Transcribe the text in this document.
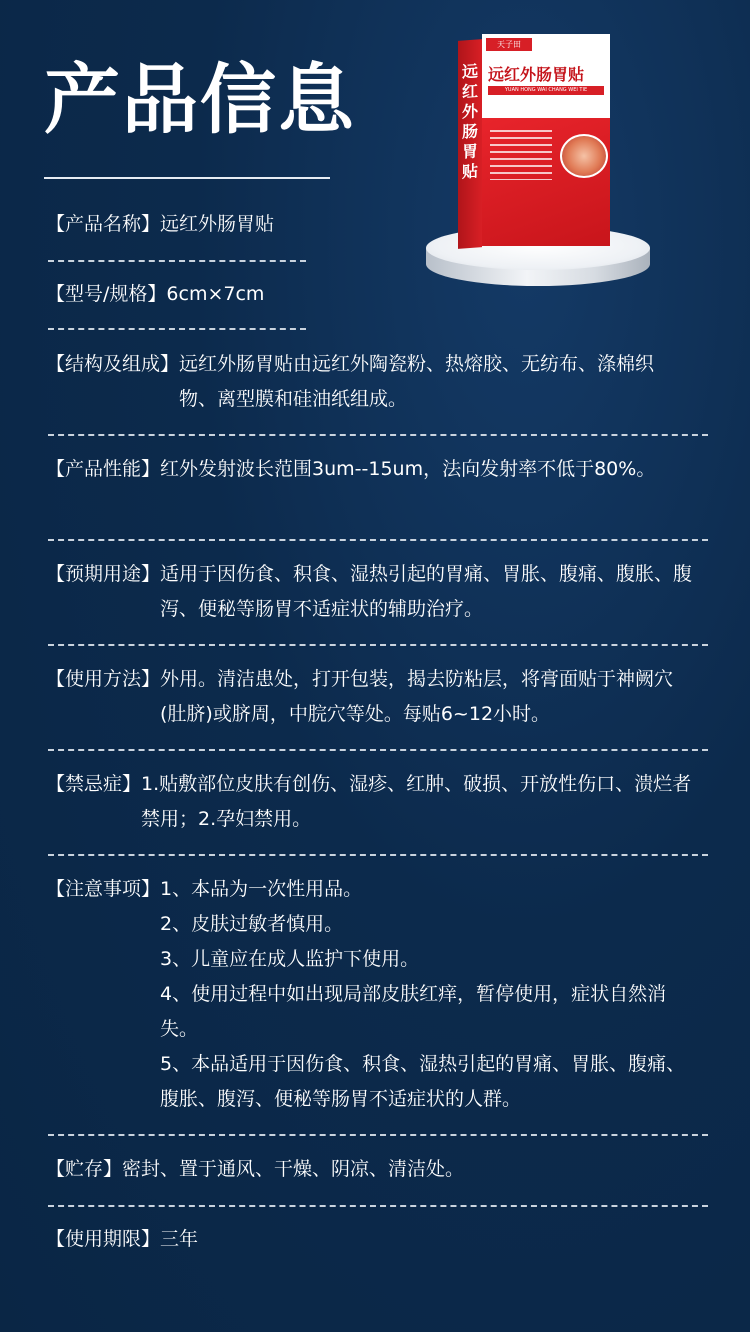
产品信息	远红外肠胃贴
天子田
远红外肠胃贴
YUAN HONG WAI CHANG WEI TIE
【产品名称】远红外肠胃贴
【型号/规格】6cm×7cm
【结构及组成】远红外肠胃贴由远红外陶瓷粉、热熔胶、无纺布、涤棉织物、离型膜和硅油纸组成。
【产品性能】红外发射波长范围3um--15um，法向发射率不低于80%。
【预期用途】适用于因伤食、积食、湿热引起的胃痛、胃胀、腹痛、腹胀、腹泻、便秘等肠胃不适症状的辅助治疗。
【使用方法】外用。清洁患处，打开包装，揭去防粘层，将膏面贴于神阙穴(肚脐)或脐周，中脘穴等处。每贴6~12小时。
【禁忌症】1.贴敷部位皮肤有创伤、湿疹、红肿、破损、开放性伤口、溃烂者禁用；2.孕妇禁用。
【注意事项】 1、本品为一次性用品。
2、皮肤过敏者慎用。
3、儿童应在成人监护下使用。
4、使用过程中如出现局部皮肤红痒，暂停使用，症状自然消失。
5、本品适用于因伤食、积食、湿热引起的胃痛、胃胀、腹痛、腹胀、腹泻、便秘等肠胃不适症状的人群。
【贮存】密封、置于通风、干燥、阴凉、清洁处。
【使用期限】三年
